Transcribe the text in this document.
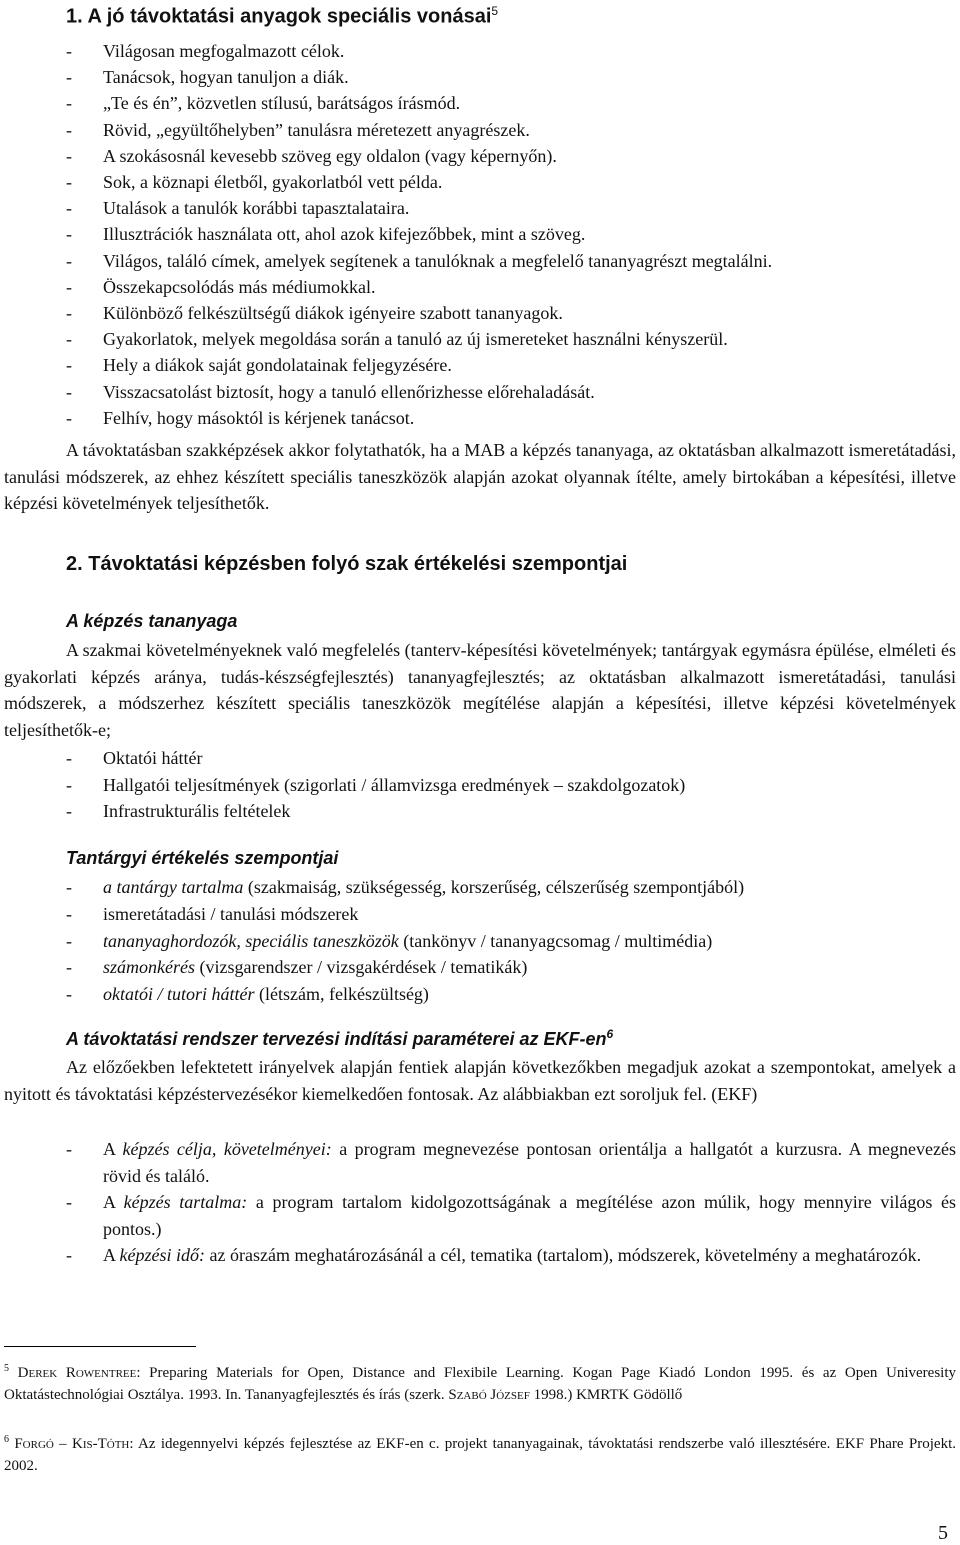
1. A jó távoktatási anyagok speciális vonásai$^5$
-	Világosan megfogalmazott célok.
-	Tanácsok, hogyan tanuljon a diák.
-	„Te és én”, közvetlen stílusú, barátságos írásmód.
-	Rövid, „együltőhelyben” tanulásra méretezett anyagrészek.
-	A szokásosnál kevesebb szöveg egy oldalon (vagy képernyőn).
-	Sok, a köznapi életből, gyakorlatból vett példa.
-	Utalások a tanulók korábbi tapasztalataira.
-	Illusztrációk használata ott, ahol azok kifejezőbbek, mint a szöveg.
-	Világos, találó címek, amelyek segítenek a tanulóknak a megfelelő tananyagrészt megtalálni.
-	Összekapcsolódás más médiumokkal.
-	Különböző felkészültségű diákok igényeire szabott tananyagok.
-	Gyakorlatok, melyek megoldása során a tanuló az új ismereteket használni kényszerül.
-	Hely a diákok saját gondolatainak feljegyzésére.
-	Visszacsatolást biztosít, hogy a tanuló ellenőrizhesse előrehaladását.
-	Felhív, hogy másoktól is kérjenek tanácsot.
A távoktatásban szakképzések akkor folytathatók, ha a MAB a képzés tananyaga, az oktatásban alkalmazott ismeretátadási, tanulási módszerek, az ehhez készített speciális taneszközök alapján azokat olyannak ítélte, amely birtokában a képesítési, illetve képzési követelmények teljesíthetők.
2. Távoktatási képzésben folyó szak értékelési szempontjai
A képzés tananyaga
A szakmai követelményeknek való megfelelés (tanterv-képesítési követelmények; tantárgyak egymásra épülése, elméleti és gyakorlati képzés aránya, tudás-készségfejlesztés) tananyagfejlesztés; az oktatásban alkalmazott ismeretátadási, tanulási módszerek, a módszerhez készített speciális taneszközök megítélése alapján a képesítési, illetve képzési követelmények teljesíthetők-e;
-	Oktatói háttér
-	Hallgatói teljesítmények (szigorlati / államvizsga eredmények – szakdolgozatok)
-	Infrastrukturális feltételek
Tantárgyi értékelés szempontjai
-	a tantárgy tartalma (szakmaiság, szükségesség, korszerűség, célszerűség szempontjából)
-	ismeretátadási / tanulási módszerek
-	tananyaghordozók, speciális taneszközök (tankönyv / tananyagcsomag / multimédia)
-	számonkérés (vizsgarendszer / vizsgakérdések / tematikák)
-	oktatói / tutori háttér (létszám, felkészültség)
A távoktatási rendszer tervezési indítási paraméterei az EKF-$en^6$
Az előzőekben lefektetett irányelvek alapján fentiek alapján következőkben megadjuk azokat a szempontokat, amelyek a nyitott és távoktatási képzéstervezésékor kiemelkedően fontosak. Az alábbiakban ezt soroljuk fel. (EKF)
-	A képzés célja, követelményei: a program megnevezése pontosan orientálja a hallgatót a kurzusra. A megnevezés rövid és találó.
-	A képzés tartalma: a program tartalom kidolgozottságának a megítélése azon múlik, hogy mennyire világos és pontos.)
-	A képzési idő: az óraszám meghatározásánál a cél, tematika (tartalom), módszerek, követelmény a meghatározók.
$^5$ Derek Rowentree: Preparing Materials for Open, Distance and Flexibile Learning. Kogan Page Kiadó London 1995. és az Open Univeresity Oktatástechnológiai Osztálya. 1993. In. Tananyagfejlesztés és írás (szerk. Szabó József 1998.) KMRTK Gödöllő
$^6$ Forgó – Kis-Tóth: Az idegennyelvi képzés fejlesztése az EKF-en c. projekt tananyagainak, távoktatási rendszerbe való illesztésére. EKF Phare Projekt. 2002.
5
